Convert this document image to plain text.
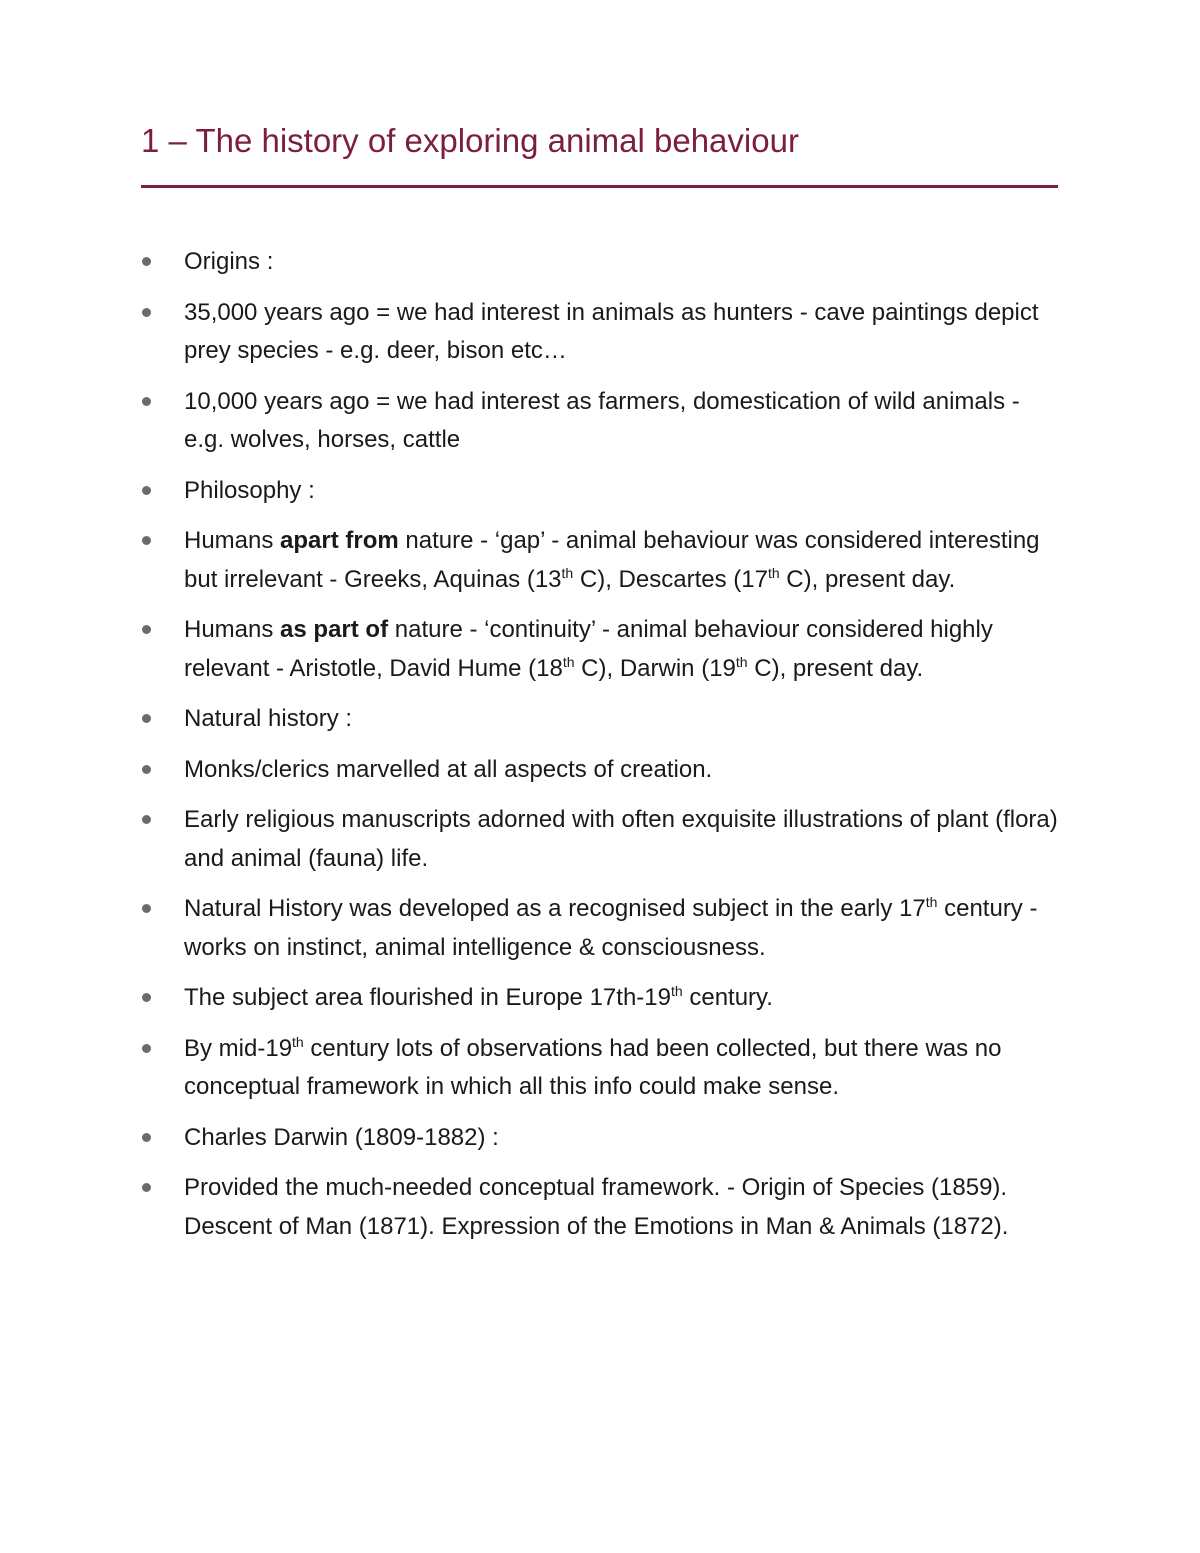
1 – The history of exploring animal behaviour
Origins :
35,000 years ago = we had interest in animals as hunters - cave paintings depict prey species - e.g. deer, bison etc…
10,000 years ago = we had interest as farmers, domestication of wild animals - e.g. wolves, horses, cattle
Philosophy :
Humans apart from nature - ‘gap’ - animal behaviour was considered interesting but irrelevant - Greeks, Aquinas (13th C), Descartes (17th C), present day.
Humans as part of nature - ‘continuity’ - animal behaviour considered highly relevant - Aristotle, David Hume (18th C), Darwin (19th C), present day.
Natural history :
Monks/clerics marvelled at all aspects of creation.
Early religious manuscripts adorned with often exquisite illustrations of plant (flora) and animal (fauna) life.
Natural History was developed as a recognised subject in the early 17th century - works on instinct, animal intelligence & consciousness.
The subject area flourished in Europe 17th-19th century.
By mid-19th century lots of observations had been collected, but there was no conceptual framework in which all this info could make sense.
Charles Darwin (1809-1882) :
Provided the much-needed conceptual framework. - Origin of Species (1859). Descent of Man (1871). Expression of the Emotions in Man & Animals (1872).
